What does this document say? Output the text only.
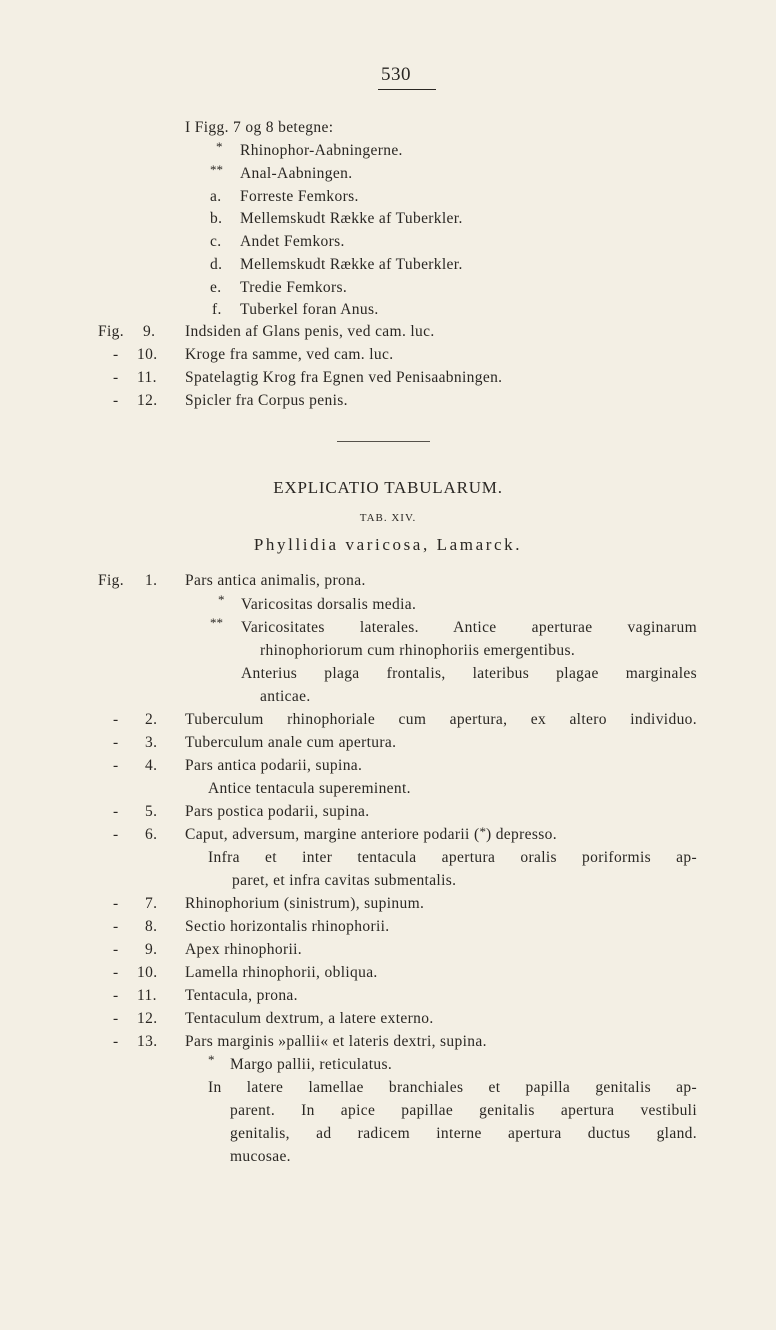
530
I Figg. 7 og 8 betegne:
* Rhinophor-Aabningerne.
** Anal-Aabningen.
a. Forreste Femkors.
b. Mellemskudt Række af Tuberkler.
c. Andet Femkors.
d. Mellemskudt Række af Tuberkler.
e. Tredie Femkors.
f. Tuberkel foran Anus.
Fig. 9. Indsiden af Glans penis, ved cam. luc.
- 10. Kroge fra samme, ved cam. luc.
- 11. Spatelagtig Krog fra Egnen ved Penisaabningen.
- 12. Spicler fra Corpus penis.
EXPLICATIO TABULARUM.
TAB. XIV.
Phyllidia varicosa, Lamarck.
Fig. 1. Pars antica animalis, prona.
* Varicositas dorsalis media.
** Varicositates laterales. Antice aperturae vaginarum
rhinophoriorum cum rhinophoriis emergentibus.
Anterius plaga frontalis, lateribus plagae marginales
anticae.
- 2. Tuberculum rhinophoriale cum apertura, ex altero individuo.
- 3. Tuberculum anale cum apertura.
- 4. Pars antica podarii, supina.
Antice tentacula supereminent.
- 5. Pars postica podarii, supina.
- 6. Caput, adversum, margine anteriore podarii (*) depresso.
Infra et inter tentacula apertura oralis poriformis ap-
paret, et infra cavitas submentalis.
- 7. Rhinophorium (sinistrum), supinum.
- 8. Sectio horizontalis rhinophorii.
- 9. Apex rhinophorii.
- 10. Lamella rhinophorii, obliqua.
- 11. Tentacula, prona.
- 12. Tentaculum dextrum, a latere externo.
- 13. Pars marginis »pallii« et lateris dextri, supina.
* Margo pallii, reticulatus.
In latere lamellae branchiales et papilla genitalis ap-
parent. In apice papillae genitalis apertura vestibuli
genitalis, ad radicem interne apertura ductus gland.
mucosae.
